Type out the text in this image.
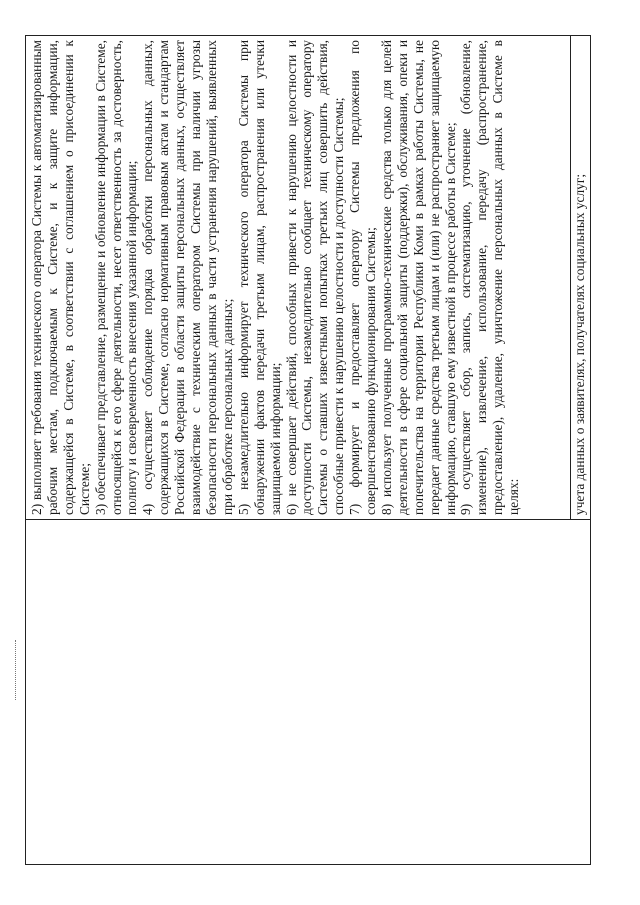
2) выполняет требования технического оператора Системы к автоматизированным рабочим местам, подключаемым к Системе, и к защите информации, содержащейся в Системе, в соответствии с соглашением о присоединении к Системе; 3) обеспечивает представление, размещение и обновление информации в Системе, относящейся к его сфере деятельности, несет ответственность за достоверность, полноту и своевременность внесения указанной информации; 4) осуществляет соблюдение порядка обработки персональных данных, содержащихся в Системе, согласно нормативным правовым актам и стандартам Российской Федерации в области защиты персональных данных, осуществляет взаимодействие с техническим оператором Системы при наличии угрозы безопасности персональных данных в части устранения нарушений, выявленных при обработке персональных данных; 5) незамедлительно информирует технического оператора Системы при обнаружении фактов передачи третьим лицам, распространения или утечки защищаемой информации; 6) не совершает действий, способных привести к нарушению целостности и доступности Системы, незамедлительно сообщает техническому оператору Системы о ставших известными попытках третьих лиц совершить действия, способные привести к нарушению целостности и доступности Системы; 7) формирует и предоставляет оператору Системы предложения по совершенствованию функционирования Системы; 8) использует полученные программно-технические средства только для целей деятельности в сфере социальной защиты (поддержки), обслуживания, опеки и попечительства на территории Республики Коми в рамках работы Системы, не передает данные средства третьим лицам и (или) не распространяет защищаемую информацию, ставшую ему известной в процессе работы в Системе; 9) осуществляет сбор, запись, систематизацию, уточнение (обновление, изменение), извлечение, использование, передачу (распространение, предоставление), удаление, уничтожение персональных данных в Системе в целях:	учета данных о заявителях, получателях социальных услуг;
